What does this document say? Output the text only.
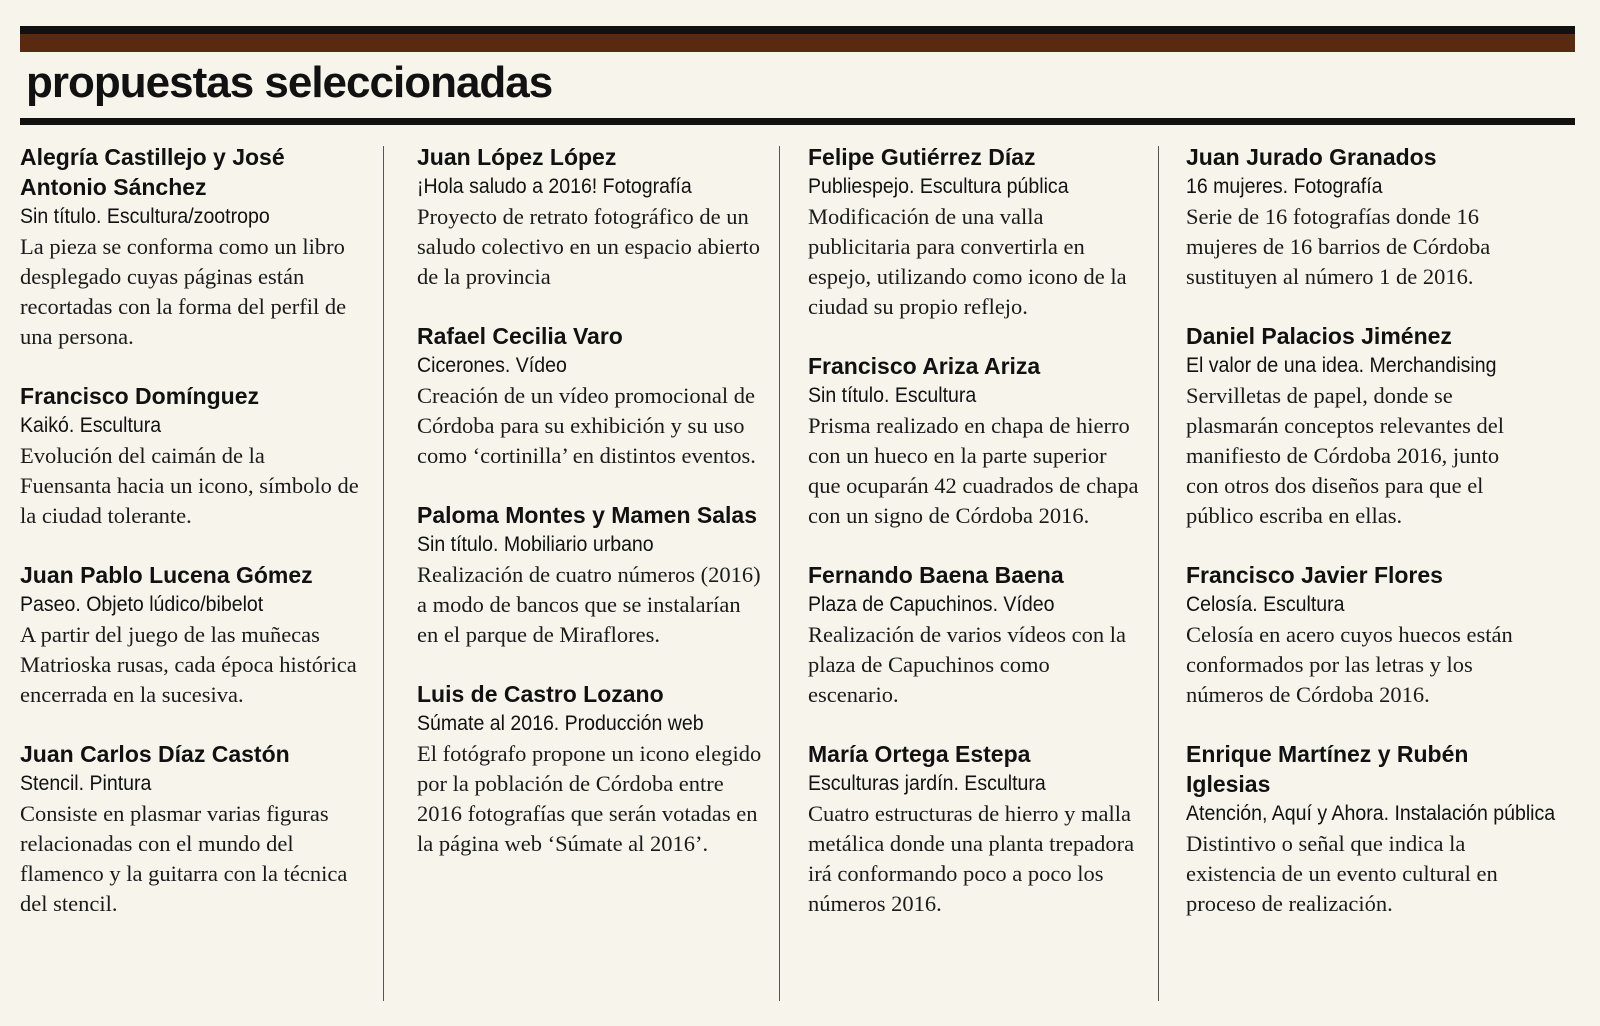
propuestas seleccionadas

Alegría Castillejo y José Antonio Sánchez

Sin título. Escultura/zootropo

La pieza se conforma como un libro desplegado cuyas páginas están recortadas con la forma del perfil de una persona.

Francisco Domínguez

Kaikó. Escultura

Evolución del caimán de la Fuensanta hacia un icono, símbolo de la ciudad tolerante.

Juan Pablo Lucena Gómez

Paseo. Objeto lúdico/bibelot

A partir del juego de las muñecas Matrioska rusas, cada época histórica encerrada en la sucesiva.

Juan Carlos Díaz Castón

Stencil. Pintura

Consiste en plasmar varias figuras relacionadas con el mundo del flamenco y la guitarra con la técnica del stencil.

Juan López López

¡Hola saludo a 2016! Fotografía

Proyecto de retrato fotográfico de un saludo colectivo en un espacio abierto de la provincia

Rafael Cecilia Varo

Cicerones. Vídeo

Creación de un vídeo promocional de Córdoba para su exhibición y su uso como ‘cortinilla’ en distintos eventos.

Paloma Montes y Mamen Salas

Sin título. Mobiliario urbano

Realización de cuatro números (2016) a modo de bancos que se instalarían en el parque de Miraflores.

Luis de Castro Lozano

Súmate al 2016. Producción web

El fotógrafo propone un icono elegido por la población de Córdoba entre 2016 fotografías que serán votadas en la página web ‘Súmate al 2016’.

Felipe Gutiérrez Díaz

Publiespejo. Escultura pública

Modificación de una valla publicitaria para convertirla en espejo, utilizando como icono de la ciudad su propio reflejo.

Francisco Ariza Ariza

Sin título. Escultura

Prisma realizado en chapa de hierro con un hueco en la parte superior que ocuparán 42 cuadrados de chapa con un signo de Córdoba 2016.

Fernando Baena Baena

Plaza de Capuchinos. Vídeo

Realización de varios vídeos con la plaza de Capuchinos como escenario.

María Ortega Estepa

Esculturas jardín. Escultura

Cuatro estructuras de hierro y malla metálica donde una planta trepadora irá conformando poco a poco los números 2016.

Juan Jurado Granados

16 mujeres. Fotografía

Serie de 16 fotografías donde 16 mujeres de 16 barrios de Córdoba sustituyen al número 1 de 2016.

Daniel Palacios Jiménez

El valor de una idea. Merchandising

Servilletas de papel, donde se plasmarán conceptos relevantes del manifiesto de Córdoba 2016, junto con otros dos diseños para que el público escriba en ellas.

Francisco Javier Flores

Celosía. Escultura

Celosía en acero cuyos huecos están conformados por las letras y los números de Córdoba 2016.

Enrique Martínez y Rubén Iglesias

Atención, Aquí y Ahora. Instalación pública

Distintivo o señal que indica la existencia de un evento cultural en proceso de realización.
